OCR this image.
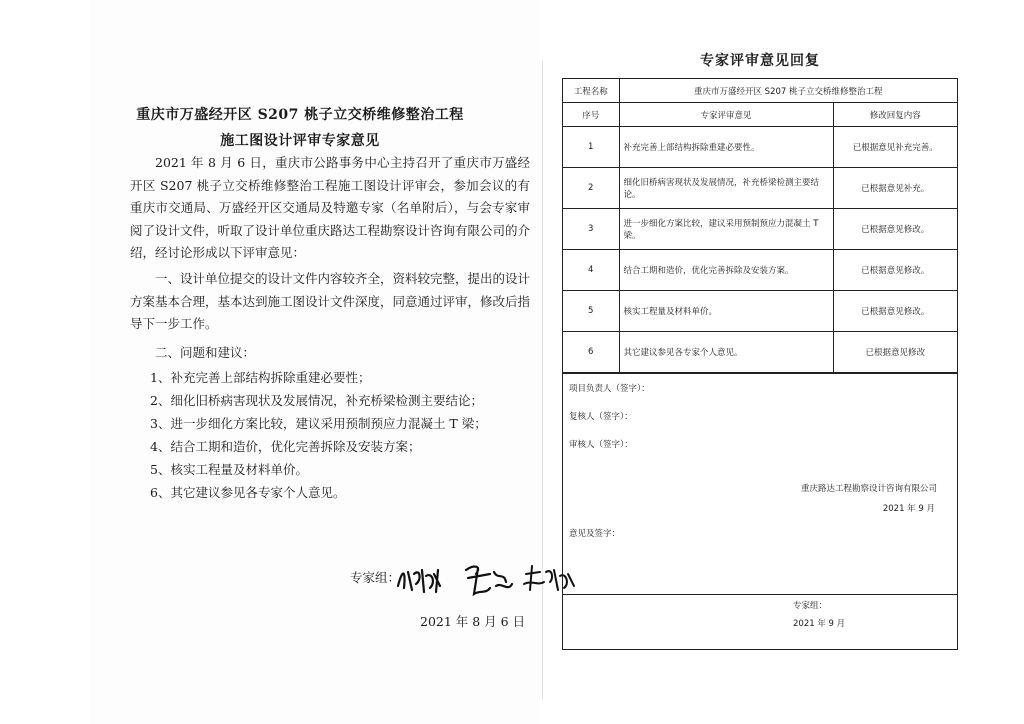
重庆市万盛经开区 S207 桃子立交桥维修整治工程
施工图设计评审专家意见

2021 年 8 月 6 日，重庆市公路事务中心主持召开了重庆市万盛经开区 S207 桃子立交桥维修整治工程施工图设计评审会，参加会议的有重庆市交通局、万盛经开区交通局及特邀专家（名单附后），与会专家审阅了设计文件，听取了设计单位重庆路达工程勘察设计咨询有限公司的介绍，经讨论形成以下评审意见：

一、设计单位提交的设计文件内容较齐全，资料较完整，提出的设计方案基本合理，基本达到施工图设计文件深度，同意通过评审，修改后指导下一步工作。

二、问题和建议：

1、补充完善上部结构拆除重建必要性；
2、细化旧桥病害现状及发展情况，补充桥梁检测主要结论；
3、进一步细化方案比较，建议采用预制预应力混凝土 T 梁；
4、结合工期和造价，优化完善拆除及安装方案；
5、核实工程量及材料单价。
6、其它建议参见各专家个人意见。
专家组：
2021 年 8 月 6 日
专家评审意见回复
工程名称	重庆市万盛经开区 S207 桃子立交桥维修整治工程	
序号	专家评审意见	修改回复内容
1	补充完善上部结构拆除重建必要性。	已根据意见补充完善。
2	细化旧桥病害现状及发展情况，补充桥梁检测主要结论。	已根据意见补充。
3	进一步细化方案比较，建议采用预制预应力混凝土 T 梁。	已根据意见修改。
4	结合工期和造价，优化完善拆除及安装方案。	已根据意见修改。
5	核实工程量及材料单价。	已根据意见修改。
6	其它建议参见各专家个人意见。	已根据意见修改
项目负责人（签字）：
复核人（签字）：
审核人（签字）：
重庆路达工程勘察设计咨询有限公司
2021 年 9 月
意见及签字：
专家组：
2021 年 9 月
